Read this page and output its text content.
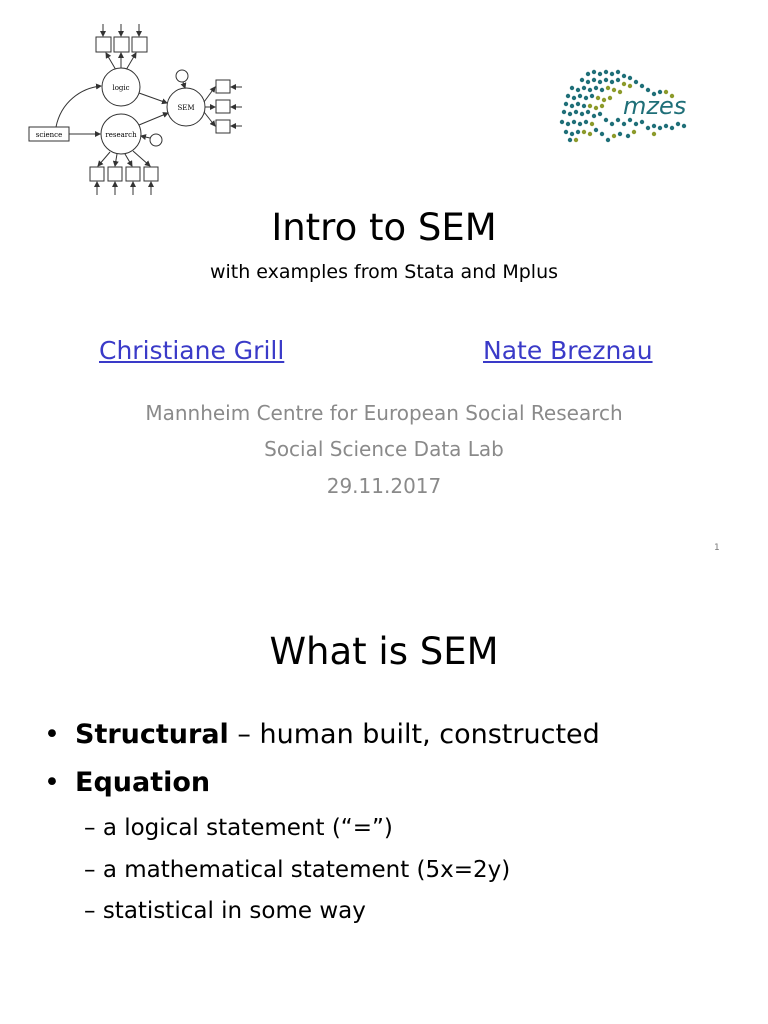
logic
research
SEM
science
mzes
Intro to SEM
with examples from Stata and Mplus
Christiane Grill	Nate Breznau
Mannheim Centre for European Social Research
Social Science Data Lab
29.11.2017
1
What is SEM
• Structural – human built, constructed
• Equation
– a logical statement (“=”)
– a mathematical statement (5x=2y)
– statistical in some way
